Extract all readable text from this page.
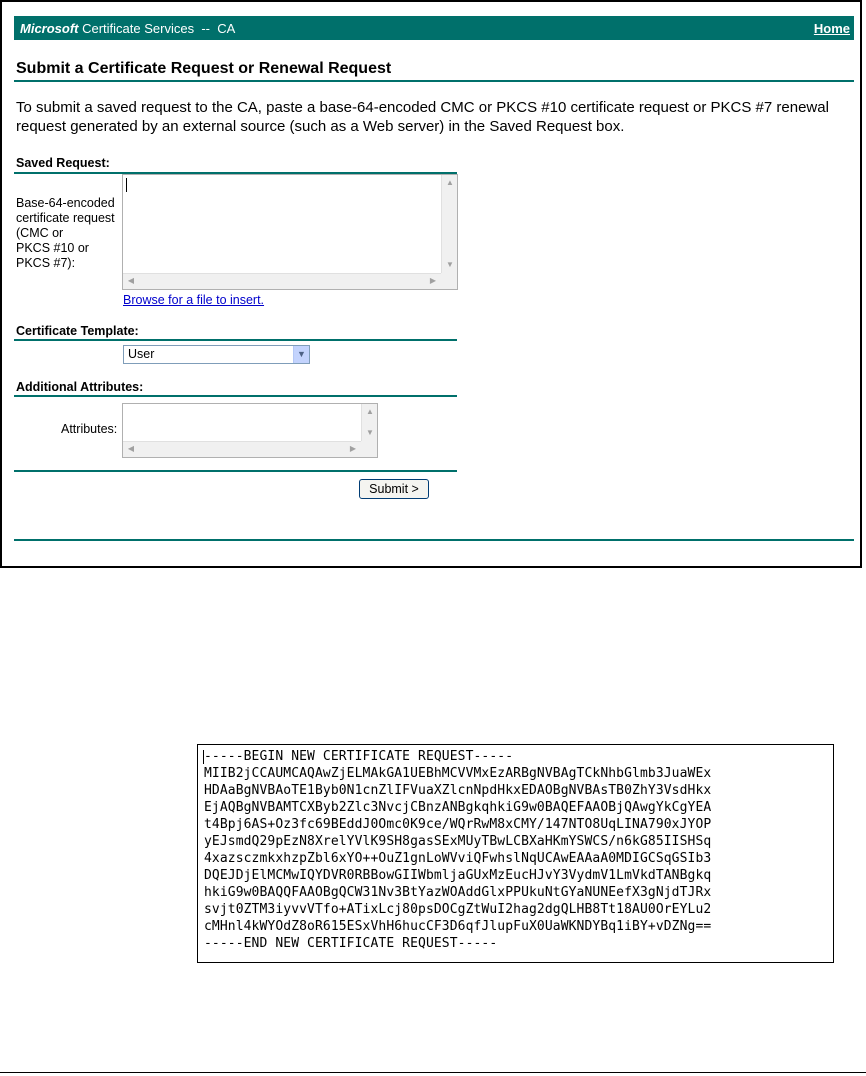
Microsoft Certificate Services  --  CA	Home
Submit a Certificate Request or Renewal Request
To submit a saved request to the CA, paste a base-64-encoded CMC or PKCS #10 certificate request or PKCS #7 renewal request generated by an external source (such as a Web server) in the Saved Request box.
Saved Request:
Base-64-encoded
certificate request
(CMC or
PKCS #10 or
PKCS #7):
▲
▼
◀	▶
Browse for a file to insert.
Certificate Template:
User	▼
Additional Attributes:
Attributes:
▲
▼
◀	▶
Submit >
-----BEGIN NEW CERTIFICATE REQUEST-----
MIIB2jCCAUMCAQAwZjELMAkGA1UEBhMCVVMxEzARBgNVBAgTCkNhbGlmb3JuaWEx
HDAaBgNVBAoTE1Byb0N1cnZlIFVuaXZlcnNpdHkxEDAOBgNVBAsTB0ZhY3VsdHkx
EjAQBgNVBAMTCXByb2Zlc3NvcjCBnzANBgkqhkiG9w0BAQEFAAOBjQAwgYkCgYEA
t4Bpj6AS+Oz3fc69BEddJ0Omc0K9ce/WQrRwM8xCMY/147NTO8UqLINA790xJYOP
yEJsmdQ29pEzN8XrelYVlK9SH8gasSExMUyTBwLCBXaHKmYSWCS/n6kG85IISHSq
4xazsczmkxhzpZbl6xYO++OuZ1gnLoWVviQFwhslNqUCAwEAAaA0MDIGCSqGSIb3
DQEJDjElMCMwIQYDVR0RBBowGIIWbmljaGUxMzEucHJvY3VydmV1LmVkdTANBgkq
hkiG9w0BAQQFAAOBgQCW31Nv3BtYazWOAddGlxPPUkuNtGYaNUNEefX3gNjdTJRx
svjt0ZTM3iyvvVTfo+ATixLcj80psDOCgZtWuI2hag2dgQLHB8Tt18AU0OrEYLu2
cMHnl4kWYOdZ8oR615ESxVhH6hucCF3D6qfJlupFuX0UaWKNDYBq1iBY+vDZNg==
-----END NEW CERTIFICATE REQUEST-----
